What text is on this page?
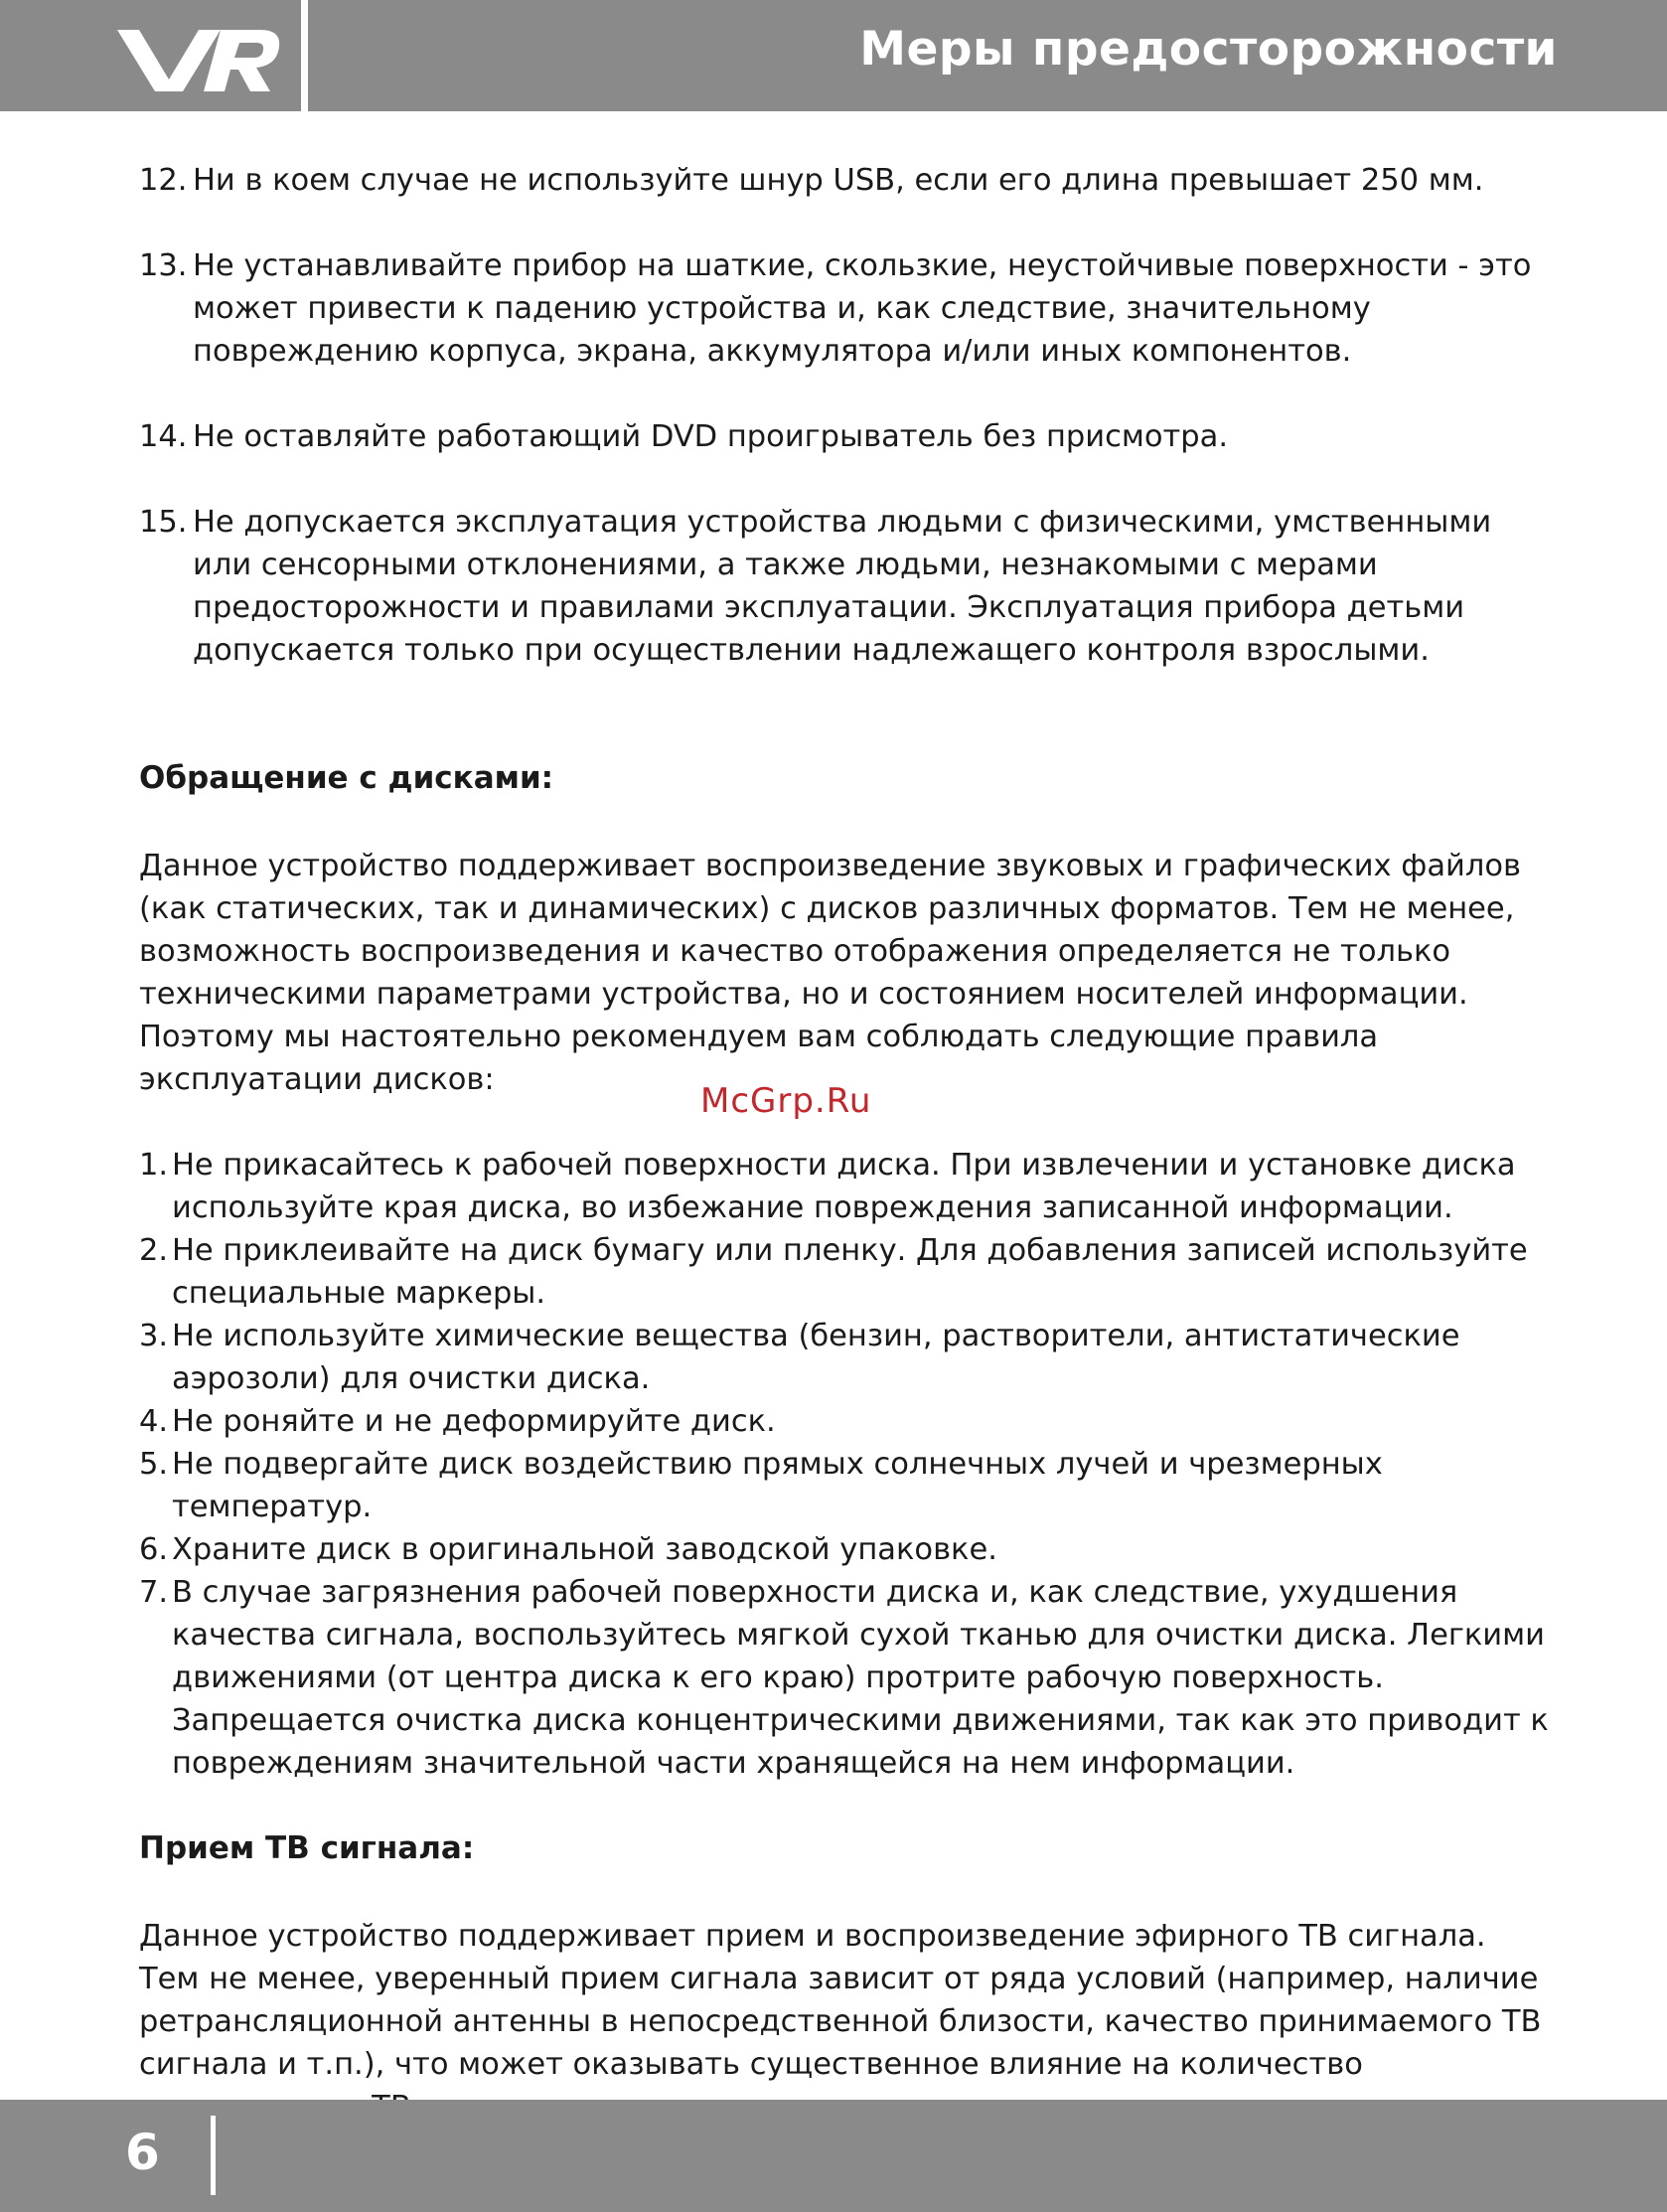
VR
Меры предосторожности
12. Ни в коем случае не используйте шнур USB, если его длина превышает 250 мм.
13. Не устанавливайте прибор на шаткие, скользкие, неустойчивые поверхности - это может привести к падению устройства и, как следствие, значительному повреждению корпуса, экрана, аккумулятора и/или иных компонентов.
14. Не оставляйте работающий DVD проигрыватель без присмотра.
15. Не допускается эксплуатация устройства людьми с физическими, умственными или сенсорными отклонениями, а также людьми, незнакомыми с мерами предосторожности и правилами эксплуатации. Эксплуатация прибора детьми допускается только при осуществлении надлежащего контроля взрослыми.
Обращение с дисками:
Данное устройство поддерживает воспроизведение звуковых и графических файлов (как статических, так и динамических) с дисков различных форматов. Тем не менее, возможность воспроизведения и качество отображения определяется не только техническими параметрами устройства, но и состоянием носителей информации. Поэтому мы настоятельно рекомендуем вам соблюдать следующие правила эксплуатации дисков:
1. Не прикасайтесь к рабочей поверхности диска. При извлечении и установке диска используйте края диска, во избежание повреждения записанной информации.
2. Не приклеивайте на диск бумагу или пленку. Для добавления записей используйте специальные маркеры.
3. Не используйте химические вещества (бензин, растворители, антистатические аэрозоли) для очистки диска.
4. Не роняйте и не деформируйте диск.
5. Не подвергайте диск воздействию прямых солнечных лучей и чрезмерных температур.
6. Храните диск в оригинальной заводской упаковке.
7. В случае загрязнения рабочей поверхности диска и, как следствие, ухудшения качества сигнала, воспользуйтесь мягкой сухой тканью для очистки диска. Легкими движениями (от центра диска к его краю) протрите рабочую поверхность. Запрещается очистка диска концентрическими движениями, так как это приводит к повреждениям значительной части хранящейся на нем информации.
Прием ТВ сигнала:
Данное устройство поддерживает прием и воспроизведение эфирного ТВ сигнала. Тем не менее, уверенный прием сигнала зависит от ряда условий (например, наличие ретрансляционной антенны в непосредственной близости, качество принимаемого ТВ сигнала и т.п.), что может оказывать существенное влияние на количество
McGrp.Ru
6
